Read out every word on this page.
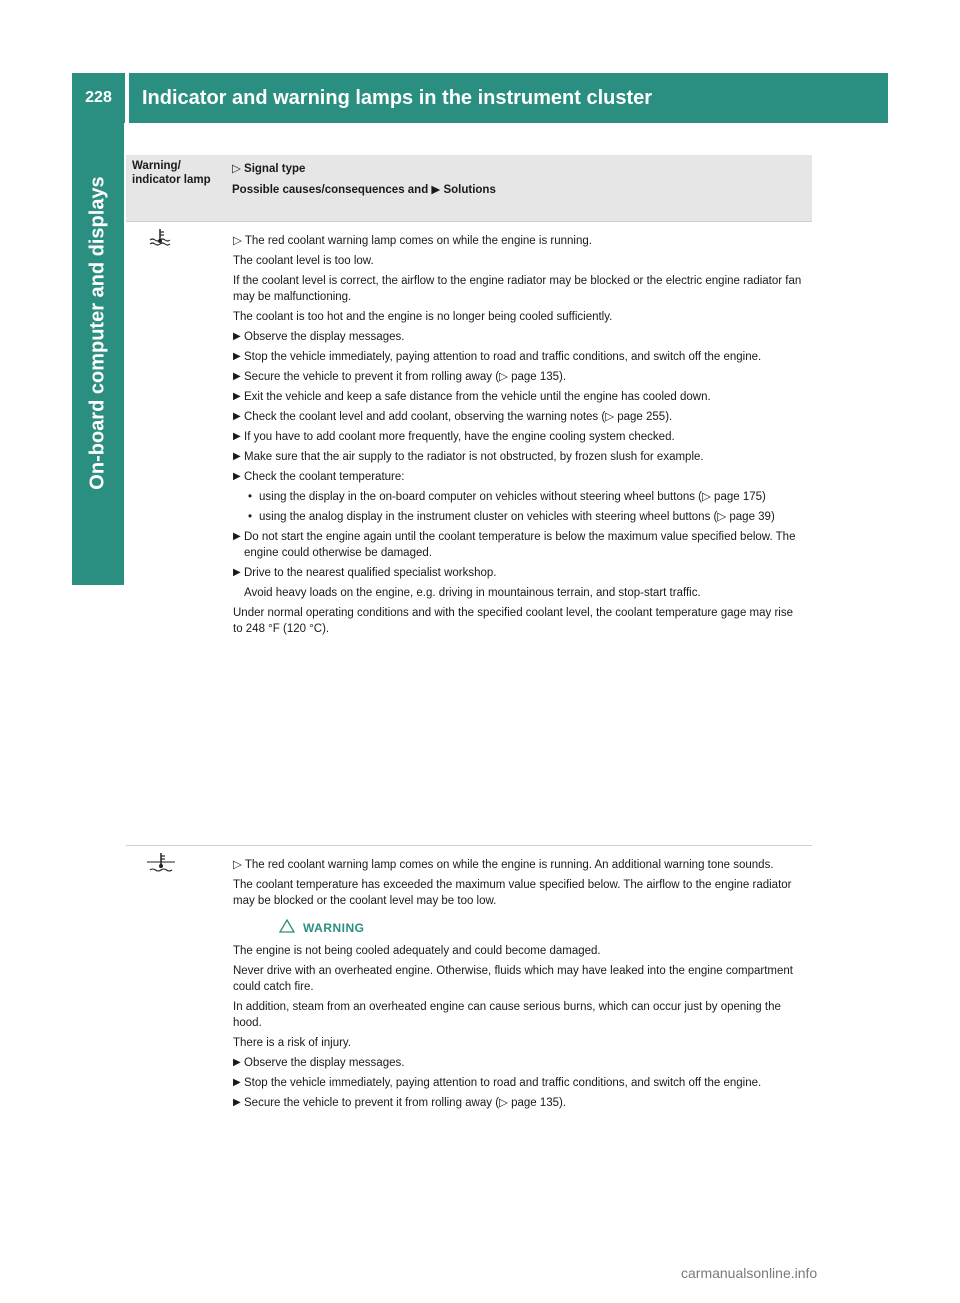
228	Indicator and warning lamps in the instrument cluster
On-board computer and displays
Warning/ indicator lamp
▷ Signal type
Possible causes/consequences and ▶ Solutions

▷ The red coolant warning lamp comes on while the engine is running.

The coolant level is too low.

If the coolant level is correct, the airflow to the engine radiator may be blocked or the electric engine radiator fan may be malfunctioning.

The coolant is too hot and the engine is no longer being cooled sufficiently.

▶ Observe the display messages.
▶ Stop the vehicle immediately, paying attention to road and traffic conditions, and switch off the engine.
▶ Secure the vehicle to prevent it from rolling away (▷ page 135).
▶ Exit the vehicle and keep a safe distance from the vehicle until the engine has cooled down.
▶ Check the coolant level and add coolant, observing the warning notes (▷ page 255).
▶ If you have to add coolant more frequently, have the engine cooling system checked.
▶ Make sure that the air supply to the radiator is not obstructed, by frozen slush for example.
▶ Check the coolant temperature:
• using the display in the on-board computer on vehicles without steering wheel buttons (▷ page 175)
• using the analog display in the instrument cluster on vehicles with steering wheel buttons (▷ page 39)
▶ Do not start the engine again until the coolant temperature is below the maximum value specified below. The engine could otherwise be damaged.
▶ Drive to the nearest qualified specialist workshop.

Avoid heavy loads on the engine, e.g. driving in mountainous terrain, and stop-start traffic.

Under normal operating conditions and with the specified coolant level, the coolant temperature gage may rise to 248 °F (120 °C).

▷ The red coolant warning lamp comes on while the engine is running. An additional warning tone sounds.

The coolant temperature has exceeded the maximum value specified below. The airflow to the engine radiator may be blocked or the coolant level may be too low.

WARNING

The engine is not being cooled adequately and could become damaged.

Never drive with an overheated engine. Otherwise, fluids which may have leaked into the engine compartment could catch fire.

In addition, steam from an overheated engine can cause serious burns, which can occur just by opening the hood.

There is a risk of injury.

▶ Observe the display messages.
▶ Stop the vehicle immediately, paying attention to road and traffic conditions, and switch off the engine.
▶ Secure the vehicle to prevent it from rolling away (▷ page 135).
carmanualsonline.info
